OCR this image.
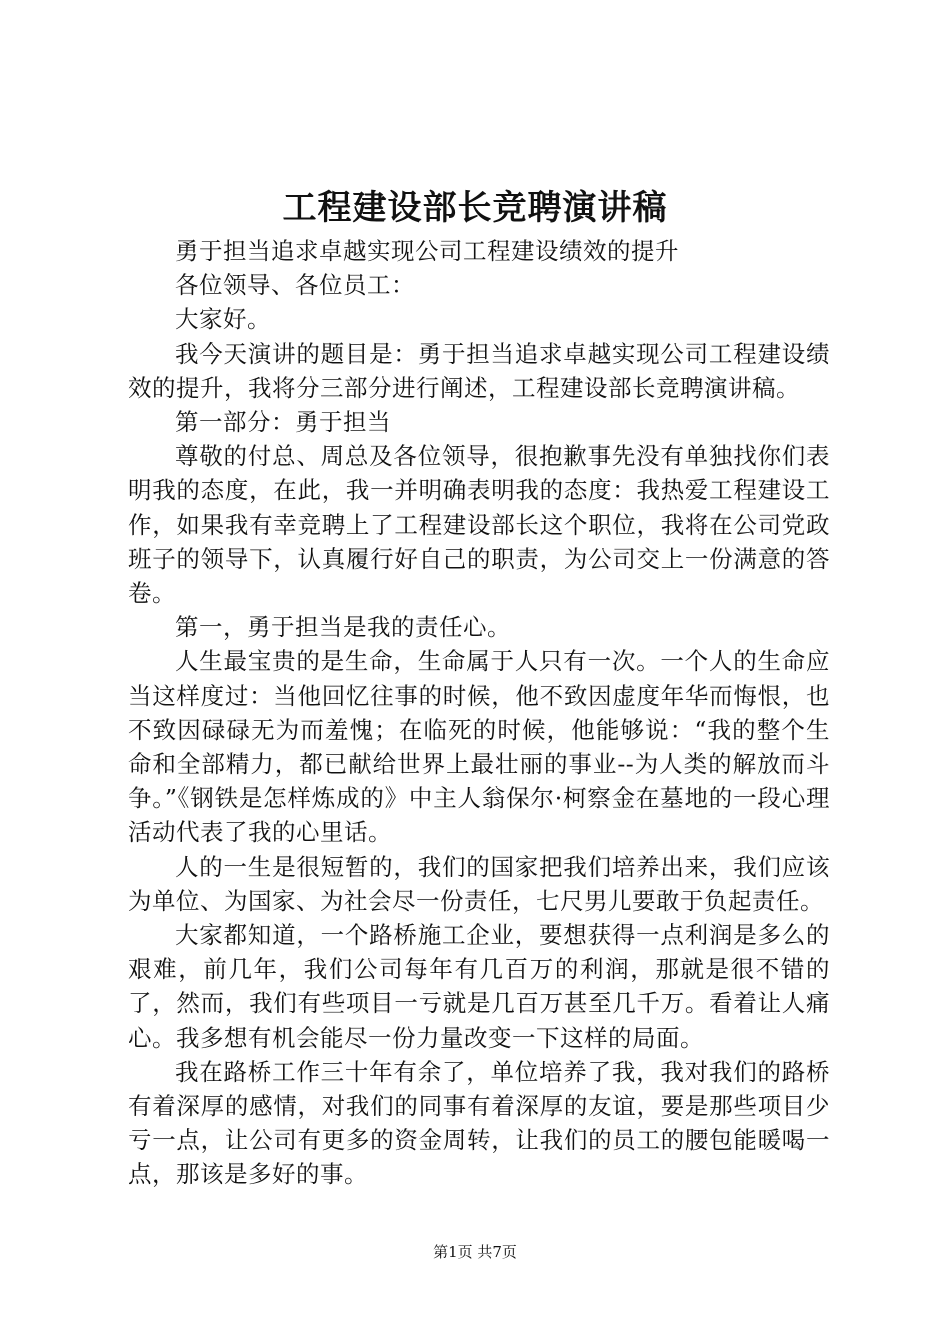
工程建设部长竞聘演讲稿

勇于担当追求卓越实现公司工程建设绩效的提升

各位领导、各位员工：

大家好。

我今天演讲的题目是：勇于担当追求卓越实现公司工程建设绩效的提升，我将分三部分进行阐述，工程建设部长竞聘演讲稿。

第一部分：勇于担当

尊敬的付总、周总及各位领导，很抱歉事先没有单独找你们表明我的态度，在此，我一并明确表明我的态度：我热爱工程建设工作，如果我有幸竞聘上了工程建设部长这个职位，我将在公司党政班子的领导下，认真履行好自己的职责，为公司交上一份满意的答卷。

第一，勇于担当是我的责任心。

人生最宝贵的是生命，生命属于人只有一次。一个人的生命应当这样度过：当他回忆往事的时候，他不致因虚度年华而悔恨，也不致因碌碌无为而羞愧；在临死的时候，他能够说：“我的整个生命和全部精力，都已献给世界上最壮丽的事业--为人类的解放而斗争。”《钢铁是怎样炼成的》中主人翁保尔·柯察金在墓地的一段心理活动代表了我的心里话。

人的一生是很短暂的，我们的国家把我们培养出来，我们应该为单位、为国家、为社会尽一份责任，七尺男儿要敢于负起责任。

大家都知道，一个路桥施工企业，要想获得一点利润是多么的艰难，前几年，我们公司每年有几百万的利润，那就是很不错的了，然而，我们有些项目一亏就是几百万甚至几千万。看着让人痛心。我多想有机会能尽一份力量改变一下这样的局面。

我在路桥工作三十年有余了，单位培养了我，我对我们的路桥有着深厚的感情，对我们的同事有着深厚的友谊，要是那些项目少亏一点，让公司有更多的资金周转，让我们的员工的腰包能暖喝一点，那该是多好的事。

第1页 共7页
